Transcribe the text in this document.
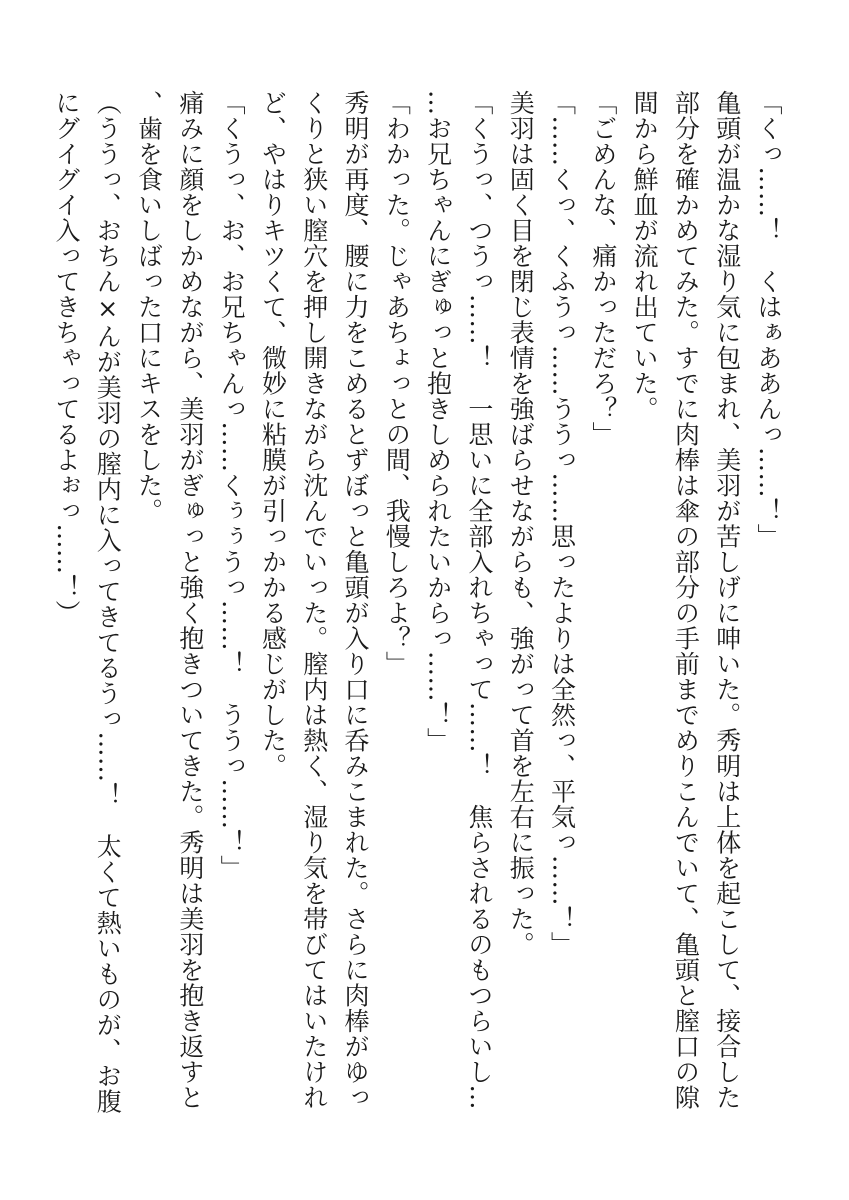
「くっ……！　くはぁああんっ……！」

亀頭が温かな湿り気に包まれ、美羽が苦しげに呻いた。秀明は上体を起こして、接合した部分を確かめてみた。すでに肉棒は傘の部分の手前までめりこんでいて、亀頭と膣口の隙間から鮮血が流れ出ていた。

「ごめんな、痛かっただろ？」

「……くっ、くふうっ……ううっ……思ったよりは全然っ、平気っ……！」

美羽は固く目を閉じ表情を強ばらせながらも、強がって首を左右に振った。

「くうっ、つうっ……！　一思いに全部入れちゃって……！　焦らされるのもつらいし……お兄ちゃんにぎゅっと抱きしめられたいからっ……！」

「わかった。じゃあちょっとの間、我慢しろよ？」

秀明が再度、腰に力をこめるとずぼっと亀頭が入り口に呑みこまれた。さらに肉棒がゆっくりと狭い膣穴を押し開きながら沈んでいった。膣内は熱く、湿り気を帯びてはいたけれど、やはりキツくて、微妙に粘膜が引っかかる感じがした。

「くうっ、お、お兄ちゃんっ……くぅぅうっ……！　ううっ……！」

痛みに顔をしかめながら、美羽がぎゅっと強く抱きついてきた。秀明は美羽を抱き返すと、歯を食いしばった口にキスをした。

（ううっ、おちん×んが美羽の膣内に入ってきてるうっ……！　太くて熱いものが、お腹にグイグイ入ってきちゃってるよぉっ……！）
